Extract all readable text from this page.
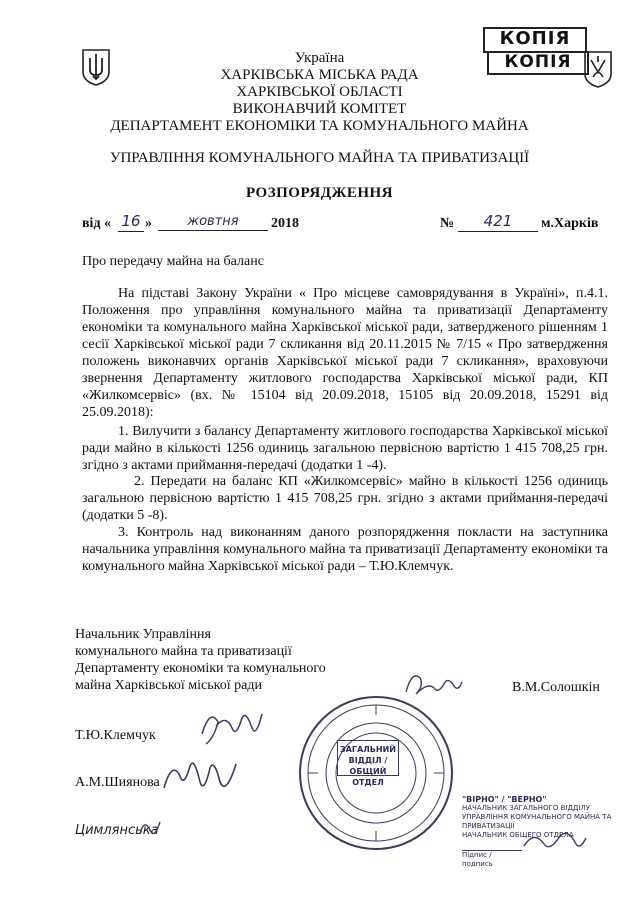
КОПІЯ
КОПІЯ
Україна
ХАРКІВСЬКА МІСЬКА РАДА
ХАРКІВСЬКОЇ ОБЛАСТІ
ВИКОНАВЧИЙ КОМІТЕТ
ДЕПАРТАМЕНТ ЕКОНОМІКИ ТА КОМУНАЛЬНОГО МАЙНА
УПРАВЛІННЯ КОМУНАЛЬНОГО МАЙНА ТА ПРИВАТИЗАЦІЇ
РОЗПОРЯДЖЕННЯ
від « 16 »	жовтня	2018	№	421	м.Харків
Про передачу майна на баланс
На підставі Закону України « Про місцеве самоврядування в Україні», п.4.1. Положення про управління комунального майна та приватизації Департаменту економіки та комунального майна Харківської міської ради, затвердженого рішенням 1 сесії Харківської міської ради 7 скликання від 20.11.2015 № 7/15 « Про затвердження положень виконавчих органів Харківської міської ради 7 скликання», враховуючи звернення Департаменту житлового господарства Харківської міської ради, КП «Жилкомсервіс» (вх. № 15104 від 20.09.2018, 15105 від 20.09.2018, 15291 від 25.09.2018):
1. Вилучити з балансу Департаменту житлового господарства Харківської міської ради майно в кількості 1256 одиниць загальною первісною вартістю 1 415 708,25 грн. згідно з актами приймання-передачі (додатки 1 -4).
2. Передати на баланс КП «Жилкомсервіс» майно в кількості 1256 одиниць загальною первісною вартістю 1 415 708,25 грн. згідно з актами приймання-передачі (додатки 5 -8).
3. Контроль над виконанням даного розпорядження покласти на заступника начальника управління комунального майна та приватизації Департаменту економіки та комунального майна Харківської міської ради – Т.Ю.Клемчук.
Начальник Управління
комунального майна та приватизації
Департаменту економіки та комунального
майна Харківської міської ради	В.М.Солошкін
Т.Ю.Клемчук
А.М.Шиянова
Цимлянська
ЗАГАЛЬНИЙ ВІДДІЛ / ОБЩИЙ ОТДЕЛ
"ВІРНО" / "ВЕРНО"
НАЧАЛЬНИК ЗАГАЛЬНОГО ВІДДІЛУ
УПРАВЛІННЯ КОМУНАЛЬНОГО МАЙНА ТА ПРИВАТИЗАЦІЇ
НАЧАЛЬНИК ОБЩЕГО ОТДЕЛА
Підпис / подпись
